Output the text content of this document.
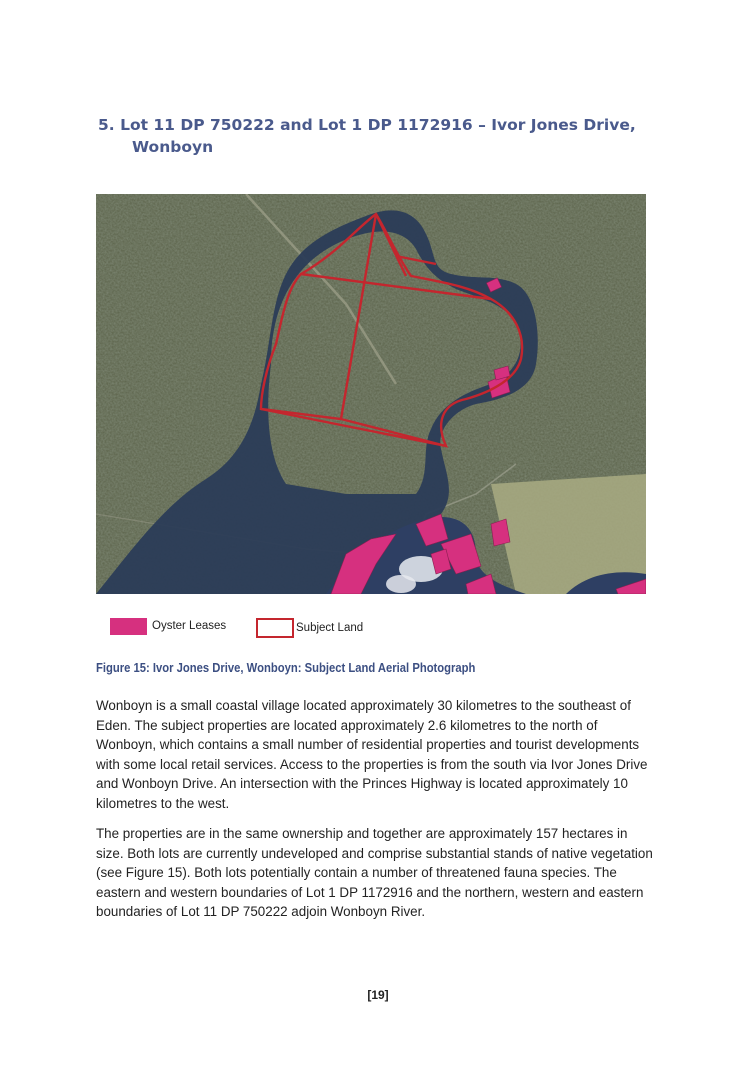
5. Lot 11 DP 750222 and Lot 1 DP 1172916 – Ivor Jones Drive,
Wonboyn
Oyster Leases	Subject Land

Figure 15: Ivor Jones Drive, Wonboyn: Subject Land Aerial Photograph

Wonboyn is a small coastal village located approximately 30 kilometres to the southeast of Eden. The subject properties are located approximately 2.6 kilometres to the north of Wonboyn, which contains a small number of residential properties and tourist developments with some local retail services. Access to the properties is from the south via Ivor Jones Drive and Wonboyn Drive. An intersection with the Princes Highway is located approximately 10 kilometres to the west.

The properties are in the same ownership and together are approximately 157 hectares in size. Both lots are currently undeveloped and comprise substantial stands of native vegetation (see Figure 15). Both lots potentially contain a number of threatened fauna species. The eastern and western boundaries of Lot 1 DP 1172916 and the northern, western and eastern boundaries of Lot 11 DP 750222 adjoin Wonboyn River.

[19]
